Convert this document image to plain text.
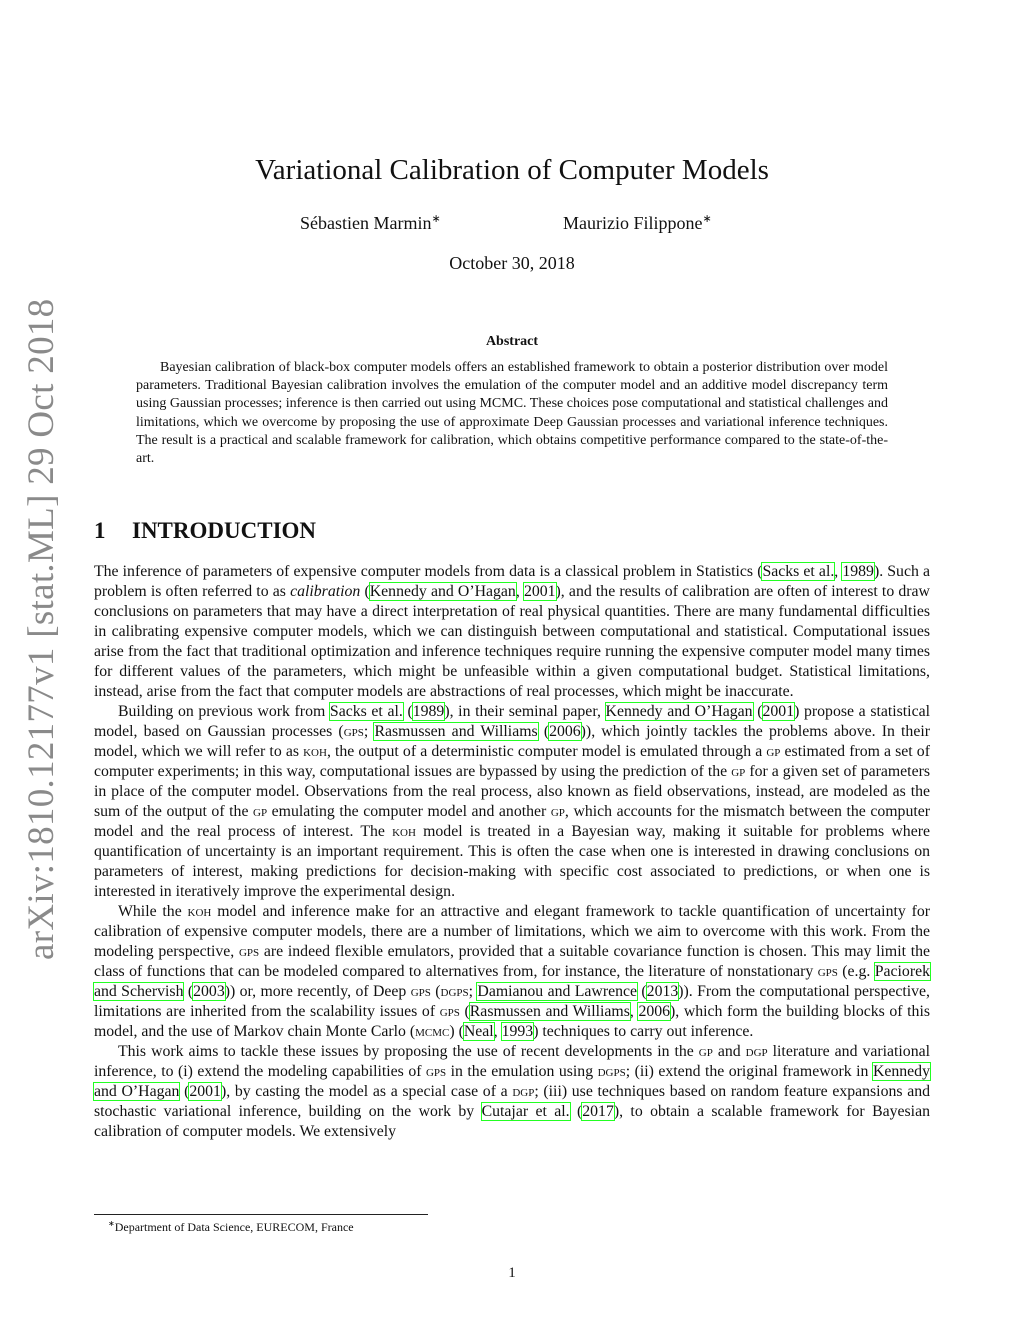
arXiv:1810.12177v1 [stat.ML] 29 Oct 2018
Variational Calibration of Computer Models
Sébastien Marmin∗	Maurizio Filippone∗
October 30, 2018
Abstract

Bayesian calibration of black-box computer models offers an established framework to obtain a posterior distribution over model parameters. Traditional Bayesian calibration involves the emulation of the computer model and an additive model discrepancy term using Gaussian processes; inference is then carried out using MCMC. These choices pose computational and statistical challenges and limitations, which we overcome by proposing the use of approximate Deep Gaussian processes and variational inference techniques. The result is a practical and scalable framework for calibration, which obtains competitive performance compared to the state-of-the-art.

1 INTRODUCTION

The inference of parameters of expensive computer models from data is a classical problem in Statistics (Sacks et al., 1989). Such a problem is often referred to as calibration (Kennedy and O’Hagan, 2001), and the results of calibration are often of interest to draw conclusions on parameters that may have a direct interpretation of real physical quantities. There are many fundamental difficulties in calibrating expensive computer models, which we can distinguish between computational and statistical. Computational issues arise from the fact that traditional optimization and inference techniques require running the expensive computer model many times for different values of the parameters, which might be unfeasible within a given computational budget. Statistical limitations, instead, arise from the fact that computer models are abstractions of real processes, which might be inaccurate.

Building on previous work from Sacks et al. (1989), in their seminal paper, Kennedy and O’Hagan (2001) propose a statistical model, based on Gaussian processes (gps; Rasmussen and Williams (2006)), which jointly tackles the problems above. In their model, which we will refer to as koh, the output of a deterministic computer model is emulated through a gp estimated from a set of computer experiments; in this way, computational issues are bypassed by using the prediction of the gp for a given set of parameters in place of the computer model. Observations from the real process, also known as field observations, instead, are modeled as the sum of the output of the gp emulating the computer model and another gp, which accounts for the mismatch between the computer model and the real process of interest. The koh model is treated in a Bayesian way, making it suitable for problems where quantification of uncertainty is an important requirement. This is often the case when one is interested in drawing conclusions on parameters of interest, making predictions for decision-making with specific cost associated to predictions, or when one is interested in iteratively improve the experimental design.

While the koh model and inference make for an attractive and elegant framework to tackle quantification of uncertainty for calibration of expensive computer models, there are a number of limitations, which we aim to overcome with this work. From the modeling perspective, gps are indeed flexible emulators, provided that a suitable covariance function is chosen. This may limit the class of functions that can be modeled compared to alternatives from, for instance, the literature of nonstationary gps (e.g. Paciorek and Schervish (2003)) or, more recently, of Deep gps (dgps; Damianou and Lawrence (2013)). From the computational perspective, limitations are inherited from the scalability issues of gps (Rasmussen and Williams, 2006), which form the building blocks of this model, and the use of Markov chain Monte Carlo (mcmc) (Neal, 1993) techniques to carry out inference.

This work aims to tackle these issues by proposing the use of recent developments in the gp and dgp literature and variational inference, to (i) extend the modeling capabilities of gps in the emulation using dgps; (ii) extend the original framework in Kennedy and O’Hagan (2001), by casting the model as a special case of a dgp; (iii) use techniques based on random feature expansions and stochastic variational inference, building on the work by Cutajar et al. (2017), to obtain a scalable framework for Bayesian calibration of computer models. We extensively

∗Department of Data Science, EURECOM, France
1
